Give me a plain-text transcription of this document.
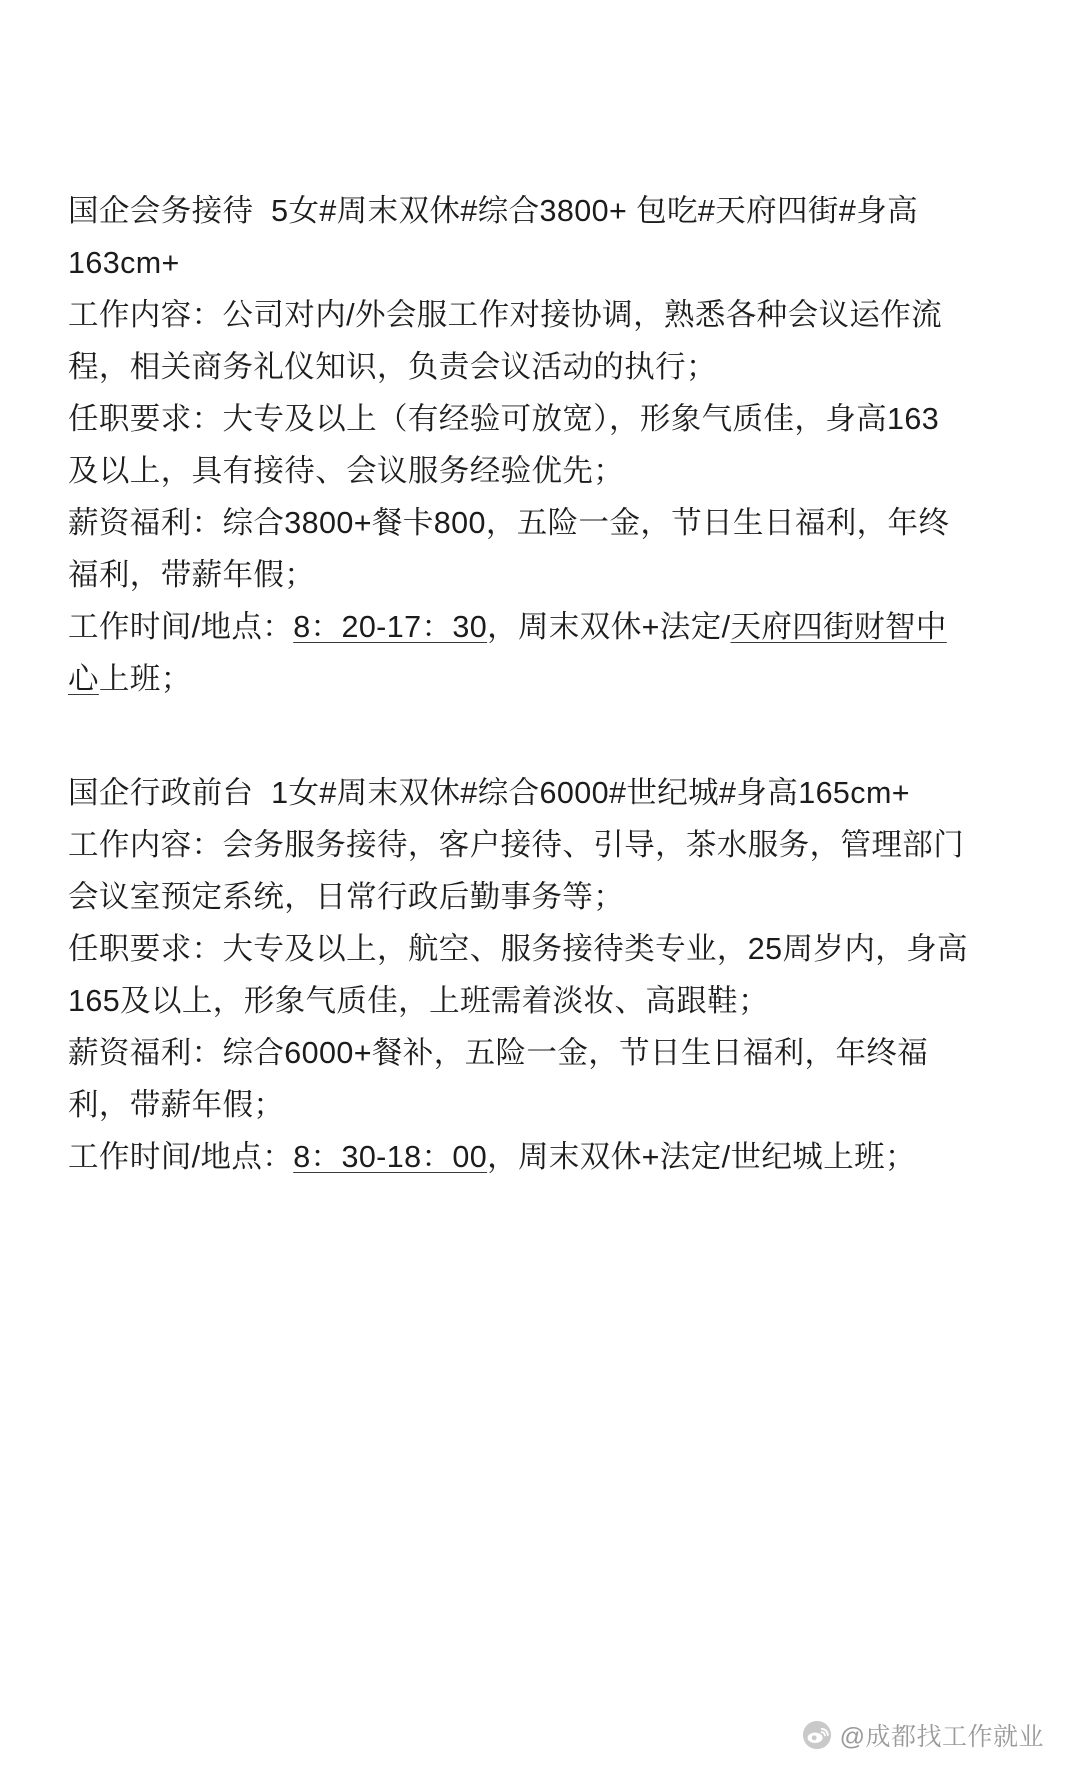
国企会务接待  5女#周末双休#综合3800+ 包吃#天府四街#身高163cm+
工作内容：公司对内/外会服工作对接协调，熟悉各种会议运作流程，相关商务礼仪知识，负责会议活动的执行；
任职要求：大专及以上（有经验可放宽），形象气质佳，身高163及以上，具有接待、会议服务经验优先；
薪资福利：综合3800+餐卡800，五险一金，节日生日福利，年终福利，带薪年假；
工作时间/地点：8：20-17：30，周末双休+法定/天府四街财智中心上班；
国企行政前台  1女#周末双休#综合6000#世纪城#身高165cm+
工作内容：会务服务接待，客户接待、引导，茶水服务，管理部门会议室预定系统，日常行政后勤事务等；
任职要求：大专及以上，航空、服务接待类专业，25周岁内，身高165及以上，形象气质佳，上班需着淡妆、高跟鞋；
薪资福利：综合6000+餐补，五险一金，节日生日福利，年终福利，带薪年假；
工作时间/地点：8：30-18：00，周末双休+法定/世纪城上班；
@成都找工作就业
